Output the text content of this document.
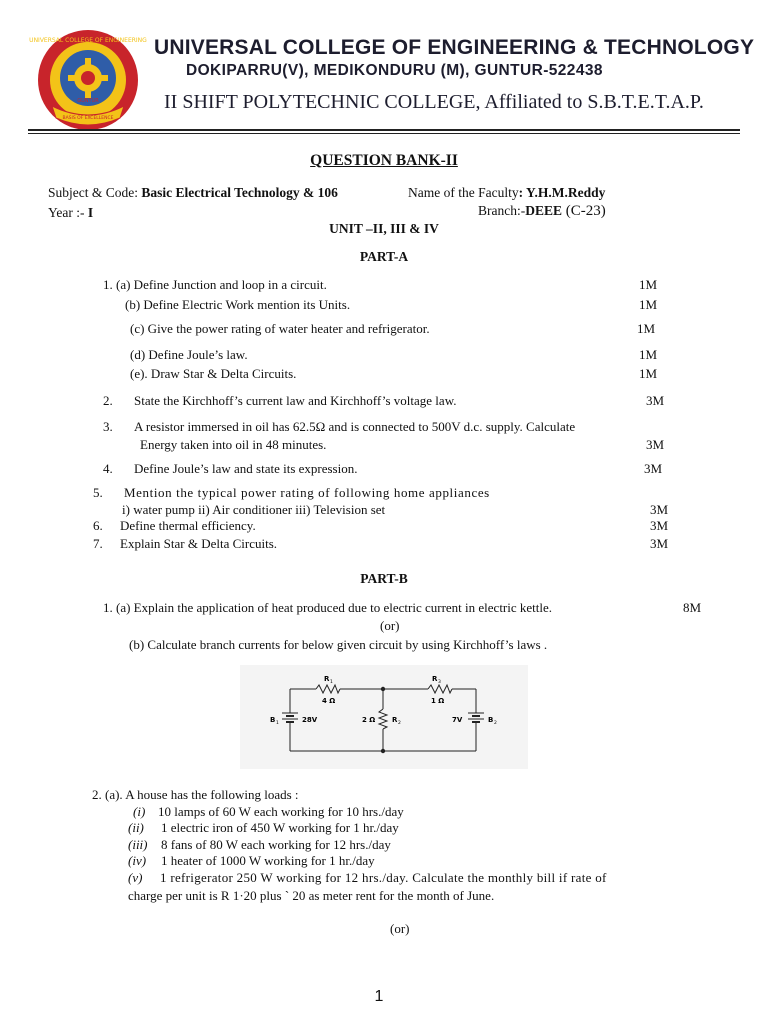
UNIVERSAL COLLEGE OF ENGINEERING
GUNTUR
BASIS OF EXCELLENCE
UNIVERSAL COLLEGE OF ENGINEERING & TECHNOLOGY
DOKIPARRU(V), MEDIKONDURU (M), GUNTUR-522438
II SHIFT POLYTECHNIC COLLEGE, Affiliated to S.B.T.E.T.A.P.
QUESTION BANK-II
Subject & Code: Basic Electrical Technology & 106	Name of the Faculty: Y.H.M.Reddy
Year :- I	Branch:-DEEE (C-23)
UNIT –II, III & IV
PART-A
1. (a) Define Junction and loop in a circuit.	1M
(b) Define Electric Work mention its Units.	1M
(c) Give the power rating of water heater and refrigerator.	1M
(d) Define Joule’s law.	1M
(e). Draw Star & Delta Circuits.	1M
2. State the Kirchhoff’s current law and Kirchhoff’s voltage law.	3M
3. A resistor immersed in oil has 62.5Ω and is connected to 500V d.c. supply. Calculate
Energy taken into oil in 48 minutes.	3M
4. Define Joule’s law and state its expression.	3M
5. Mention the typical power rating of following home appliances
i) water pump ii) Air conditioner iii) Television set	3M
6. Define thermal efficiency.	3M
7. Explain Star & Delta Circuits.	3M
PART-B
1. (a) Explain the application of heat produced due to electric current in electric kettle.	8M
(or)
(b) Calculate branch currents for below given circuit by using Kirchhoff’s laws .
R 1
4 Ω
R 3
1 Ω
2 Ω R 2
B 1	28V	7V	B 2
2. (a). A house has the following loads :
(i) 10 lamps of 60 W each working for 10 hrs./day
(ii) 1 electric iron of 450 W working for 1 hr./day
(iii) 8 fans of 80 W each working for 12 hrs./day
(iv) 1 heater of 1000 W working for 1 hr./day
(v) 1 refrigerator 250 W working for 12 hrs./day. Calculate the monthly bill if rate of
charge per unit is R 1·20 plus ` 20 as meter rent for the month of June.
(or)
1
